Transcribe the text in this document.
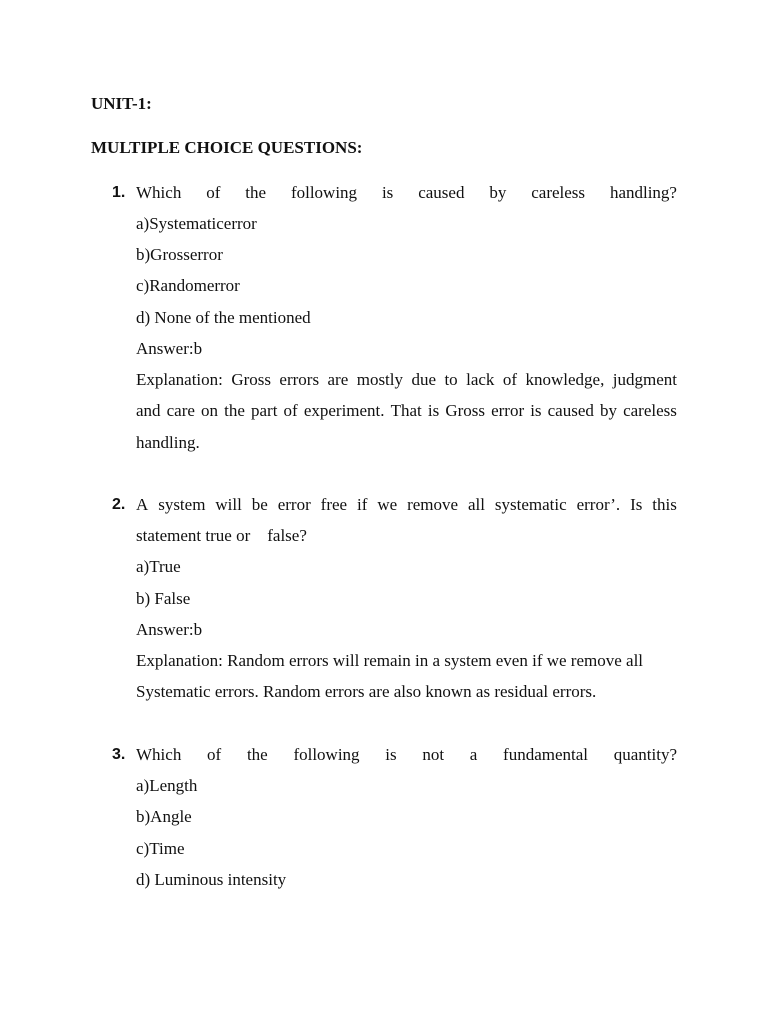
UNIT-1:
MULTIPLE CHOICE QUESTIONS:
1. Which of the following is caused by careless handling?
a)Systematicerror
b)Grosserror
c)Randomerror
d) None of the mentioned
Answer:b
Explanation: Gross errors are mostly due to lack of knowledge, judgment
and care on the part of experiment. That is Gross error is caused by careless
handling.
2. A system will be error free if we remove all systematic error’. Is this
statement true or    false?
a)True
b) False
Answer:b
Explanation: Random errors will remain in a system even if we remove all
Systematic errors. Random errors are also known as residual errors.
3. Which of the following is not a fundamental quantity?
a)Length
b)Angle
c)Time
d) Luminous intensity
